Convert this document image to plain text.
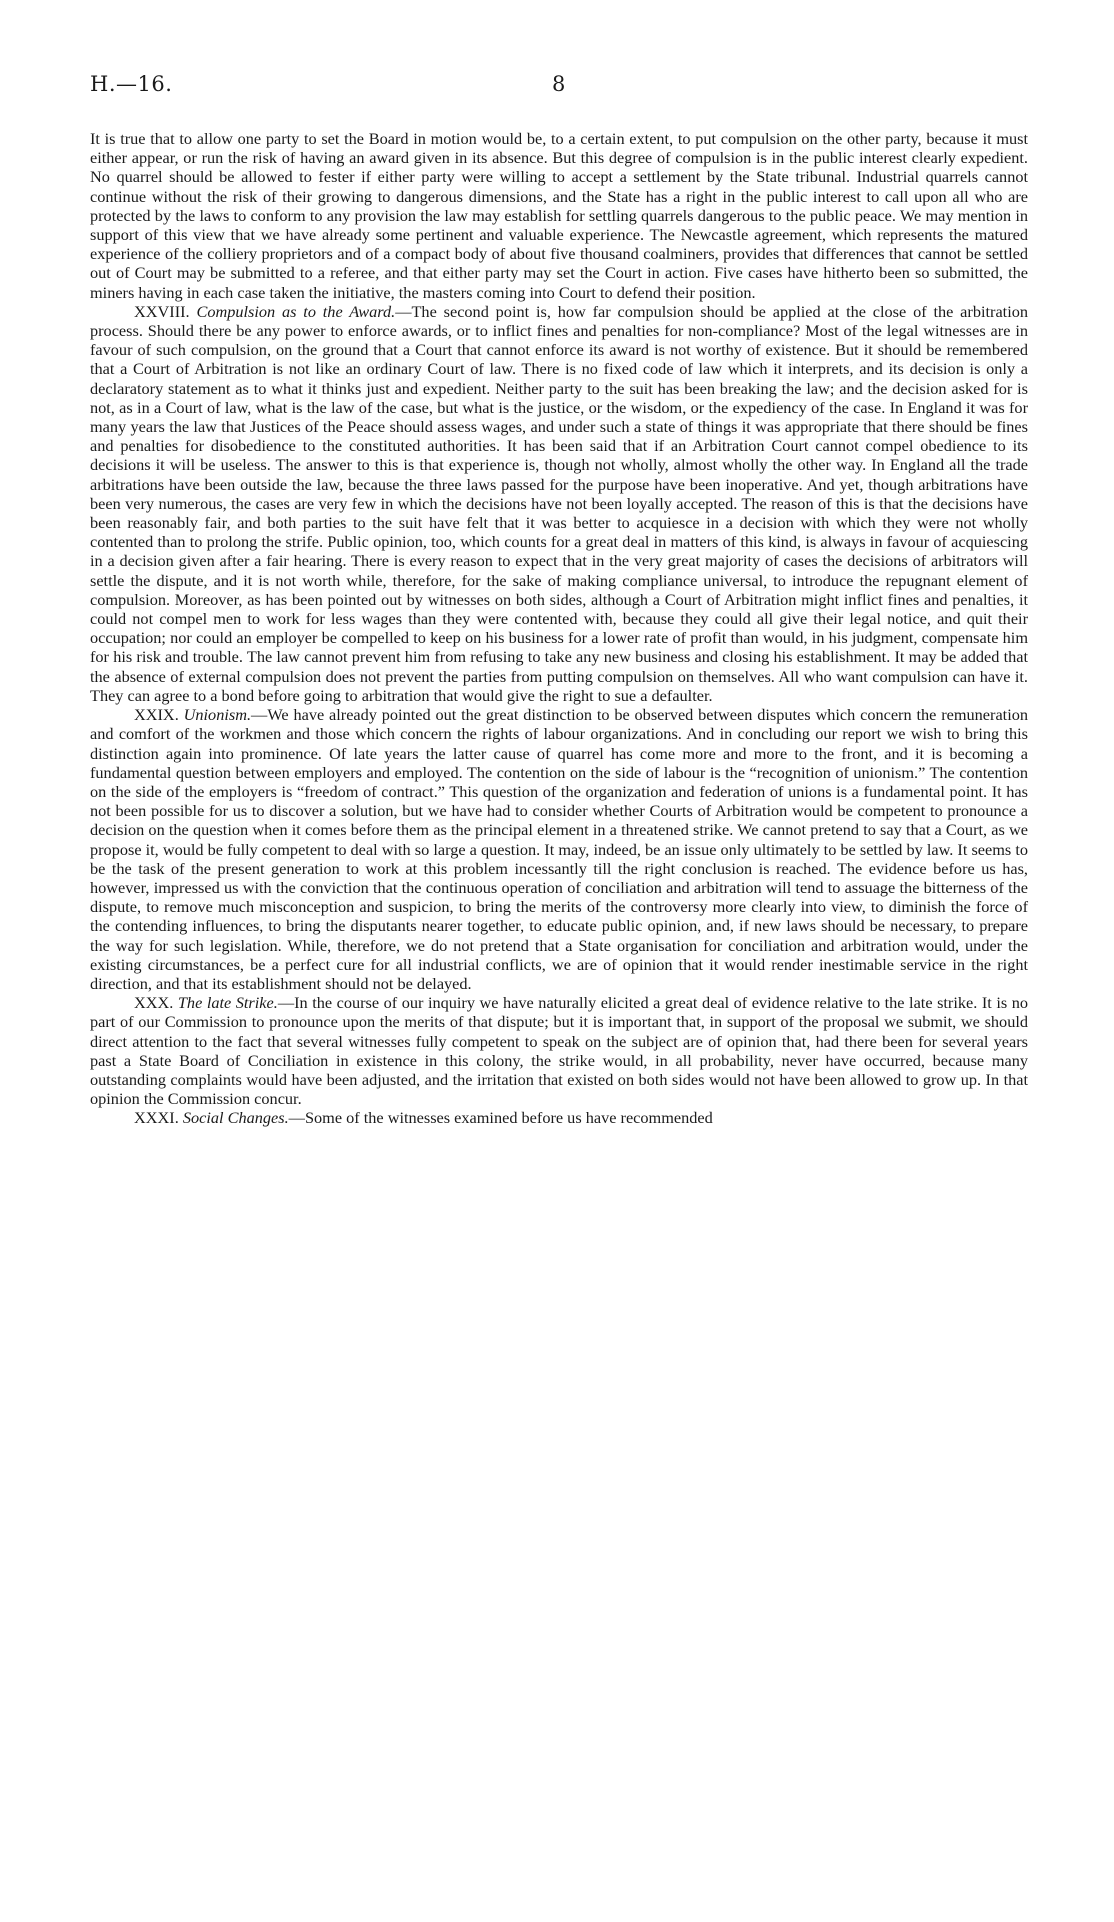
H.—16.	8

It is true that to allow one party to set the Board in motion would be, to a certain extent, to put compulsion on the other party, because it must either appear, or run the risk of having an award given in its absence. But this degree of compulsion is in the public interest clearly expedient. No quarrel should be allowed to fester if either party were willing to accept a settlement by the State tribunal. Industrial quarrels cannot continue without the risk of their growing to dangerous dimensions, and the State has a right in the public interest to call upon all who are protected by the laws to conform to any provision the law may establish for settling quarrels dangerous to the public peace. We may mention in support of this view that we have already some pertinent and valuable experience. The Newcastle agreement, which represents the matured experience of the colliery proprietors and of a compact body of about five thousand coalminers, provides that differences that cannot be settled out of Court may be submitted to a referee, and that either party may set the Court in action. Five cases have hitherto been so submitted, the miners having in each case taken the initiative, the masters coming into Court to defend their position.

XXVIII. Compulsion as to the Award.—The second point is, how far compulsion should be applied at the close of the arbitration process. Should there be any power to enforce awards, or to inflict fines and penalties for non-compliance? Most of the legal witnesses are in favour of such compulsion, on the ground that a Court that cannot enforce its award is not worthy of existence. But it should be remembered that a Court of Arbitration is not like an ordinary Court of law. There is no fixed code of law which it interprets, and its decision is only a declaratory statement as to what it thinks just and expedient. Neither party to the suit has been breaking the law; and the decision asked for is not, as in a Court of law, what is the law of the case, but what is the justice, or the wisdom, or the expediency of the case. In England it was for many years the law that Justices of the Peace should assess wages, and under such a state of things it was appropriate that there should be fines and penalties for disobedience to the constituted authorities. It has been said that if an Arbitration Court cannot compel obedience to its decisions it will be useless. The answer to this is that experience is, though not wholly, almost wholly the other way. In England all the trade arbitrations have been outside the law, because the three laws passed for the purpose have been inoperative. And yet, though arbitrations have been very numerous, the cases are very few in which the decisions have not been loyally accepted. The reason of this is that the decisions have been reasonably fair, and both parties to the suit have felt that it was better to acquiesce in a decision with which they were not wholly contented than to prolong the strife. Public opinion, too, which counts for a great deal in matters of this kind, is always in favour of acquiescing in a decision given after a fair hearing. There is every reason to expect that in the very great majority of cases the decisions of arbitrators will settle the dispute, and it is not worth while, therefore, for the sake of making compliance universal, to introduce the repugnant element of compulsion. Moreover, as has been pointed out by witnesses on both sides, although a Court of Arbitration might inflict fines and penalties, it could not compel men to work for less wages than they were contented with, because they could all give their legal notice, and quit their occupation; nor could an employer be compelled to keep on his business for a lower rate of profit than would, in his judgment, compensate him for his risk and trouble. The law cannot prevent him from refusing to take any new business and closing his establishment. It may be added that the absence of external compulsion does not prevent the parties from putting compulsion on themselves. All who want compulsion can have it. They can agree to a bond before going to arbitration that would give the right to sue a defaulter.

XXIX. Unionism.—We have already pointed out the great distinction to be observed between disputes which concern the remuneration and comfort of the workmen and those which concern the rights of labour organizations. And in concluding our report we wish to bring this distinction again into prominence. Of late years the latter cause of quarrel has come more and more to the front, and it is becoming a fundamental question between employers and employed. The contention on the side of labour is the “recognition of unionism.” The contention on the side of the employers is “freedom of contract.” This question of the organization and federation of unions is a fundamental point. It has not been possible for us to discover a solution, but we have had to consider whether Courts of Arbitration would be competent to pronounce a decision on the question when it comes before them as the principal element in a threatened strike. We cannot pretend to say that a Court, as we propose it, would be fully competent to deal with so large a question. It may, indeed, be an issue only ultimately to be settled by law. It seems to be the task of the present generation to work at this problem incessantly till the right conclusion is reached. The evidence before us has, however, impressed us with the conviction that the continuous operation of conciliation and arbitration will tend to assuage the bitterness of the dispute, to remove much misconception and suspicion, to bring the merits of the controversy more clearly into view, to diminish the force of the contending influences, to bring the disputants nearer together, to educate public opinion, and, if new laws should be necessary, to prepare the way for such legislation. While, therefore, we do not pretend that a State organisation for conciliation and arbitration would, under the existing circumstances, be a perfect cure for all industrial conflicts, we are of opinion that it would render inestimable service in the right direction, and that its establishment should not be delayed.

XXX. The late Strike.—In the course of our inquiry we have naturally elicited a great deal of evidence relative to the late strike. It is no part of our Commission to pronounce upon the merits of that dispute; but it is important that, in support of the proposal we submit, we should direct attention to the fact that several witnesses fully competent to speak on the subject are of opinion that, had there been for several years past a State Board of Conciliation in existence in this colony, the strike would, in all probability, never have occurred, because many outstanding complaints would have been adjusted, and the irritation that existed on both sides would not have been allowed to grow up. In that opinion the Commission concur.

XXXI. Social Changes.—Some of the witnesses examined before us have recommended
